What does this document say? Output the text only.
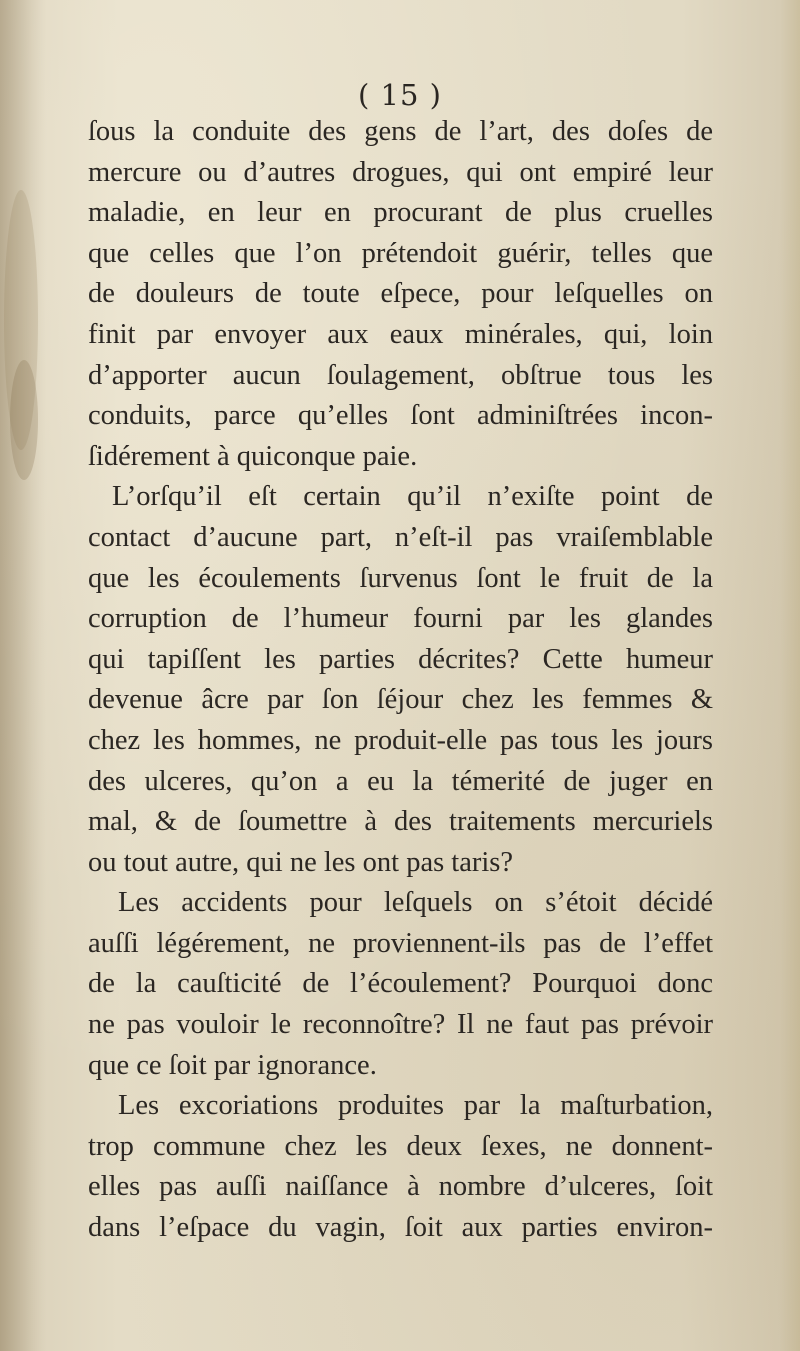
( 15 )
ſous la conduite des gens de l’art, des doſes de
mercure ou d’autres drogues, qui ont empiré leur
maladie, en leur en procurant de plus cruelles
que celles que l’on prétendoit guérir, telles que
de douleurs de toute eſpece, pour leſquelles on
finit par envoyer aux eaux minérales, qui, loin
d’apporter aucun ſoulagement, obſtrue tous les
conduits, parce qu’elles ſont adminiſtrées incon-
ſidérement à quiconque paie.
L’orſqu’il eſt certain qu’il n’exiſte point de
contact d’aucune part, n’eſt-il pas vraiſemblable
que les écoulements ſurvenus ſont le fruit de la
corruption de l’humeur fourni par les glandes
qui tapiſſent les parties décrites? Cette humeur
devenue âcre par ſon ſéjour chez les femmes &
chez les hommes, ne produit-elle pas tous les jours
des ulceres, qu’on a eu la témerité de juger en
mal, & de ſoumettre à des traitements mercuriels
ou tout autre, qui ne les ont pas taris?
Les accidents pour leſquels on s’étoit décidé
auſſi légérement, ne proviennent-ils pas de l’effet
de la cauſticité de l’écoulement? Pourquoi donc
ne pas vouloir le reconnoître? Il ne faut pas prévoir
que ce ſoit par ignorance.
Les excoriations produites par la maſturbation,
trop commune chez les deux ſexes, ne donnent-
elles pas auſſi naiſſance à nombre d’ulceres, ſoit
dans l’eſpace du vagin, ſoit aux parties environ-
